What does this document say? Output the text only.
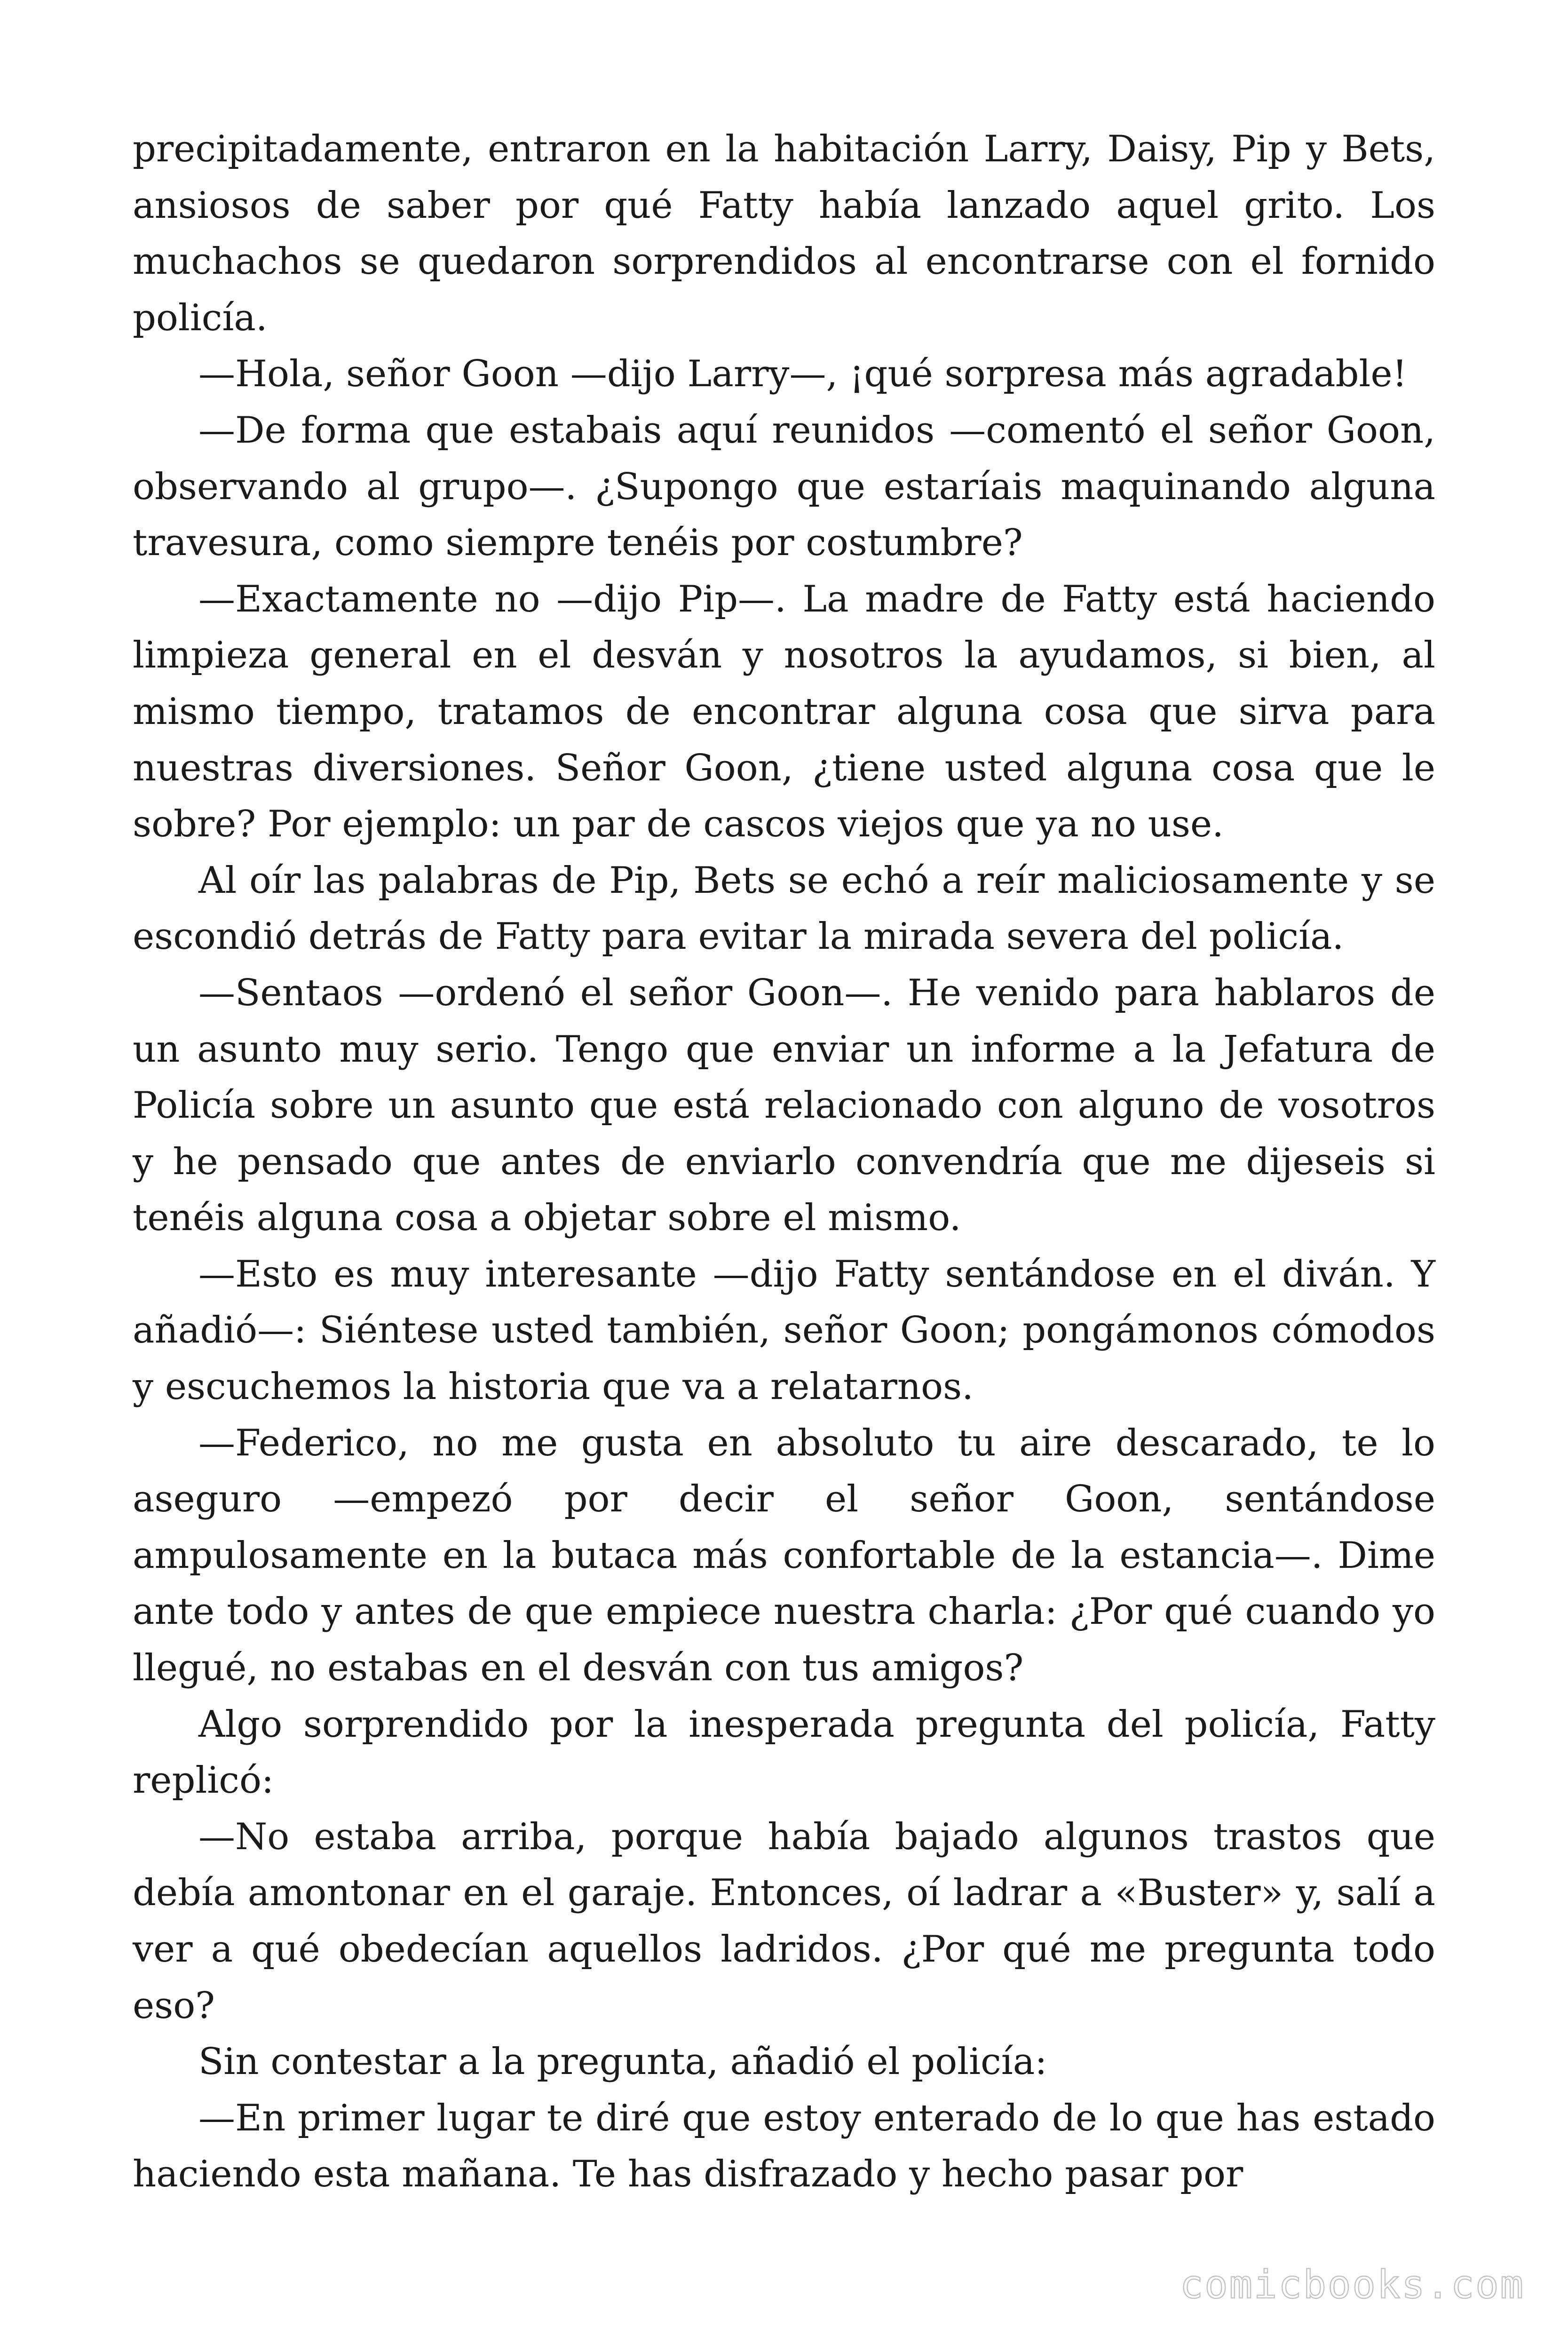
precipitadamente, entraron en la habitación Larry, Daisy, Pip y Bets, ansiosos de saber por qué Fatty había lanzado aquel grito. Los muchachos se quedaron sorprendidos al encontrarse con el fornido policía.

—Hola, señor Goon —dijo Larry—, ¡qué sorpresa más agradable!

—De forma que estabais aquí reunidos —comentó el señor Goon, observando al grupo—. ¿Supongo que estaríais maquinando alguna travesura, como siempre tenéis por costumbre?

—Exactamente no —dijo Pip—. La madre de Fatty está haciendo limpieza general en el desván y nosotros la ayudamos, si bien, al mismo tiempo, tratamos de encontrar alguna cosa que sirva para nuestras diversiones. Señor Goon, ¿tiene usted alguna cosa que le sobre? Por ejemplo: un par de cascos viejos que ya no use.

Al oír las palabras de Pip, Bets se echó a reír maliciosamente y se escondió detrás de Fatty para evitar la mirada severa del policía.

—Sentaos —ordenó el señor Goon—. He venido para hablaros de un asunto muy serio. Tengo que enviar un informe a la Jefatura de Policía sobre un asunto que está relacionado con alguno de vosotros y he pensado que antes de enviarlo convendría que me dijeseis si tenéis alguna cosa a objetar sobre el mismo.

—Esto es muy interesante —dijo Fatty sentándose en el diván. Y añadió—: Siéntese usted también, señor Goon; pongámonos cómodos y escuchemos la historia que va a relatarnos.

—Federico, no me gusta en absoluto tu aire descarado, te lo aseguro —empezó por decir el señor Goon, sentándose ampulosamente en la butaca más confortable de la estancia—. Dime ante todo y antes de que empiece nuestra charla: ¿Por qué cuando yo llegué, no estabas en el desván con tus amigos?

Algo sorprendido por la inesperada pregunta del policía, Fatty replicó:

—No estaba arriba, porque había bajado algunos trastos que debía amontonar en el garaje. Entonces, oí ladrar a «Buster» y, salí a ver a qué obedecían aquellos ladridos. ¿Por qué me pregunta todo eso?

Sin contestar a la pregunta, añadió el policía:

—En primer lugar te diré que estoy enterado de lo que has estado haciendo esta mañana. Te has disfrazado y hecho pasar por

comicbooks.com
